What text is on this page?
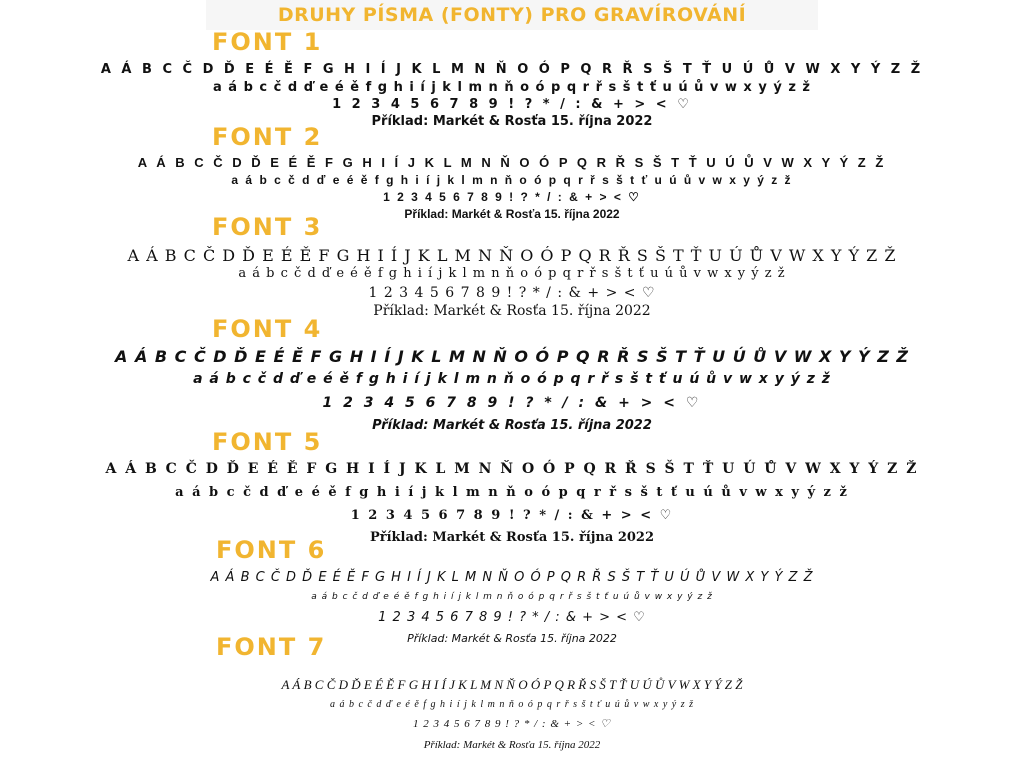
DRUHY PÍSMA (FONTY) PRO GRAVÍROVÁNÍ
FONT 1
A Á B C Č D Ď E É Ě F G H I Í J K L M N Ň O Ó P Q R Ř S Š T Ť U Ú Ů V W X Y Ý Z Ž
a á b c č d ď e é ě f g h i í j k l m n ň o ó p q r ř s š t ť u ú ů v w x y ý z ž
1 2 3 4 5 6 7 8 9 ! ? * / : & + > < ♡
Příklad: Markét & Rosťa 15. října 2022
FONT 2
A Á B C Č D Ď E É Ě F G H I Í J K L M N Ň O Ó P Q R Ř S Š T Ť U Ú Ů V W X Y Ý Z Ž
a á b c č d ď e é ě f g h i í j k l m n ň o ó p q r ř s š t ť u ú ů v w x y ý z ž
1 2 3 4 5 6 7 8 9 ! ? * / : & + > < ♡
Příklad: Markét & Rosťa 15. října 2022
FONT 3
A Á B C Č D Ď E É Ě F G H I Í J K L M N Ň O Ó P Q R Ř S Š T Ť U Ú Ů V W X Y Ý Z Ž
a á b c č d ď e é ě f g h i í j k l m n ň o ó p q r ř s š t ť u ú ů v w x y ý z ž
1 2 3 4 5 6 7 8 9 ! ? * / : & + > < ♡
Příklad: Markét & Rosťa 15. října 2022
FONT 4
A Á B C Č D Ď E É Ě F G H I Í J K L M N Ň O Ó P Q R Ř S Š T Ť U Ú Ů V W X Y Ý Z Ž
a á b c č d ď e é ě f g h i í j k l m n ň o ó p q r ř s š t ť u ú ů v w x y ý z ž
1 2 3 4 5 6 7 8 9 ! ? * / : & + > < ♡
Příklad: Markét & Rosťa 15. října 2022
FONT 5
A Á B C Č D Ď E É Ě F G H I Í J K L M N Ň O Ó P Q R Ř S Š T Ť U Ú Ů V W X Y Ý Z Ž
a á b c č d ď e é ě f g h i í j k l m n ň o ó p q r ř s š t ť u ú ů v w x y ý z ž
1 2 3 4 5 6 7 8 9 ! ? * / : & + > < ♡
Příklad: Markét & Rosťa 15. října 2022
FONT 6
A Á B C Č D Ď E É Ě F G H I Í J K L M N Ň O Ó P Q R Ř S Š T Ť U Ú Ů V W X Y Ý Z Ž
a á b c č d ď e é ě f g h i í j k l m n ň o ó p q r ř s š t ť u ú ů v w x y ý z ž
1 2 3 4 5 6 7 8 9 ! ? * / : & + > < ♡
Příklad: Markét & Rosťa 15. října 2022
FONT 7
A Á B C Č D Ď E É Ě F G H I Í J K L M N Ň O Ó P Q R Ř S Š T Ť U Ú Ů V W X Y Ý Z Ž
a á b c č d ď e é ě f g h i í j k l m n ň o ó p q r ř s š t ť u ú ů v w x y ý z ž
1 2 3 4 5 6 7 8 9 ! ? * / : & + > < ♡
Příklad: Markét & Rosťa 15. října 2022
